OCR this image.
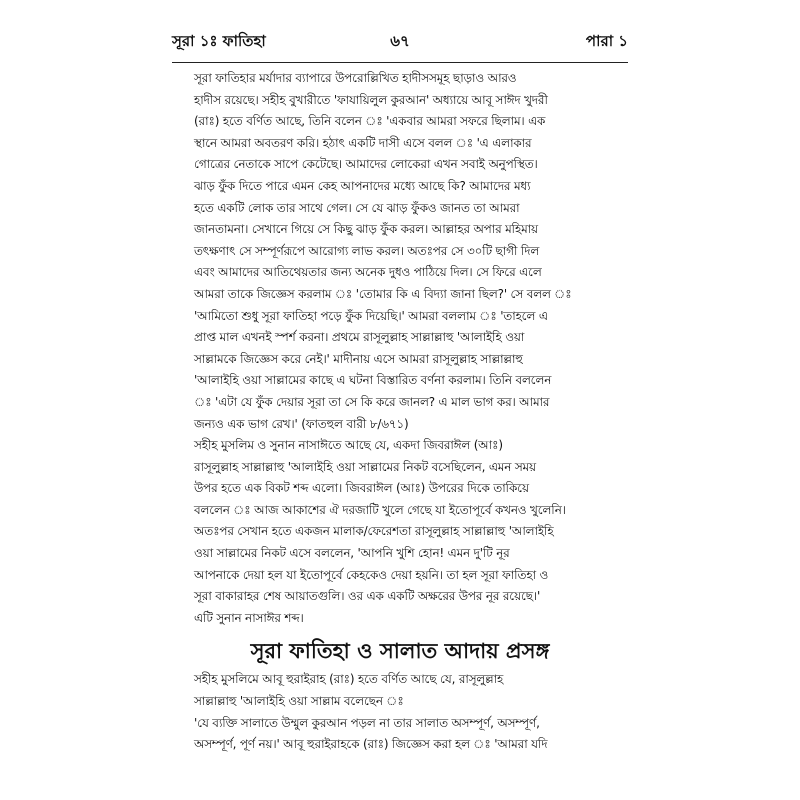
সূরা ১ঃ ফাতিহা	৬৭	পারা ১

সূরা ফাতিহার মর্যাদার ব্যাপারে উপরোল্লিখিত হাদীসসমূহ ছাড়াও আরও
হাদীস রয়েছে। সহীহ বুখারীতে 'ফাযায়িলুল কুরআন' অধ্যায়ে আবূ সাঈদ খুদরী
(রাঃ) হতে বর্ণিত আছে, তিনি বলেন ঃ 'একবার আমরা সফরে ছিলাম। এক
স্থানে আমরা অবতরণ করি। হঠাৎ একটি দাসী এসে বলল ঃ 'এ এলাকার
গোত্রের নেতাকে সাপে কেটেছে। আমাদের লোকেরা এখন সবাই অনুপস্থিত।
ঝাড় ফুঁক দিতে পারে এমন কেহ আপনাদের মধ্যে আছে কি? আমাদের মধ্য
হতে একটি লোক তার সাথে গেল। সে যে ঝাড় ফুঁকও জানত তা আমরা
জানতামনা। সেখানে গিয়ে সে কিছু ঝাড় ফুঁক করল। আল্লাহর অপার মহিমায়
তৎক্ষণাৎ সে সম্পূর্ণরূপে আরোগ্য লাভ করল। অতঃপর সে ৩০টি ছাগী দিল
এবং আমাদের আতিথেয়তার জন্য অনেক দুধও পাঠিয়ে দিল। সে ফিরে এলে
আমরা তাকে জিজ্ঞেস করলাম ঃ 'তোমার কি এ বিদ্যা জানা ছিল?' সে বলল ঃ
'আমিতো শুধু সূরা ফাতিহা পড়ে ফুঁক দিয়েছি।' আমরা বললাম ঃ 'তাহলে এ
প্রাপ্ত মাল এখনই স্পর্শ করনা। প্রথমে রাসূলুল্লাহ সাল্লাল্লাহু 'আলাইহি ওয়া
সাল্লামকে জিজ্ঞেস করে নেই।' মাদীনায় এসে আমরা রাসূলুল্লাহ সাল্লাল্লাহু
'আলাইহি ওয়া সাল্লামের কাছে এ ঘটনা বিস্তারিত বর্ণনা করলাম। তিনি বললেন
ঃ 'এটা যে ফুঁক দেয়ার সূরা তা সে কি করে জানল? এ মাল ভাগ কর। আমার
জন্যও এক ভাগ রেখ।' (ফাতহুল বারী ৮/৬৭১)

সহীহ মুসলিম ও সুনান নাসাঈতে আছে যে, একদা জিবরাঈল (আঃ)
রাসূলুল্লাহ সাল্লাল্লাহু 'আলাইহি ওয়া সাল্লামের নিকট বসেছিলেন, এমন সময়
উপর হতে এক বিকট শব্দ এলো। জিবরাঈল (আঃ) উপরের দিকে তাকিয়ে
বললেন ঃ আজ আকাশের ঐ দরজাটি খুলে গেছে যা ইতোপূর্বে কখনও খুলেনি।
অতঃপর সেখান হতে একজন মালাক/ফেরেশতা রাসূলুল্লাহ সাল্লাল্লাহু 'আলাইহি
ওয়া সাল্লামের নিকট এসে বললেন, 'আপনি খুশি হোন! এমন দু'টি নূর
আপনাকে দেয়া হল যা ইতোপূর্বে কেহকেও দেয়া হয়নি। তা হল সূরা ফাতিহা ও
সূরা বাকারাহর শেষ আয়াতগুলি। ওর এক একটি অক্ষরের উপর নূর রয়েছে।'
এটি সুনান নাসাঈর শব্দ।

সূরা ফাতিহা ও সালাত আদায় প্রসঙ্গ

সহীহ মুসলিমে আবূ হুরাইরাহ (রাঃ) হতে বর্ণিত আছে যে, রাসূলুল্লাহ
সাল্লাল্লাহু 'আলাইহি ওয়া সাল্লাম বলেছেন ঃ

'যে ব্যক্তি সালাতে উম্মুল কুরআন পড়ল না তার সালাত অসম্পূর্ণ, অসম্পূর্ণ,
অসম্পূর্ণ, পূর্ণ নয়।' আবূ হুরাইরাহকে (রাঃ) জিজ্ঞেস করা হল ঃ 'আমরা যদি
